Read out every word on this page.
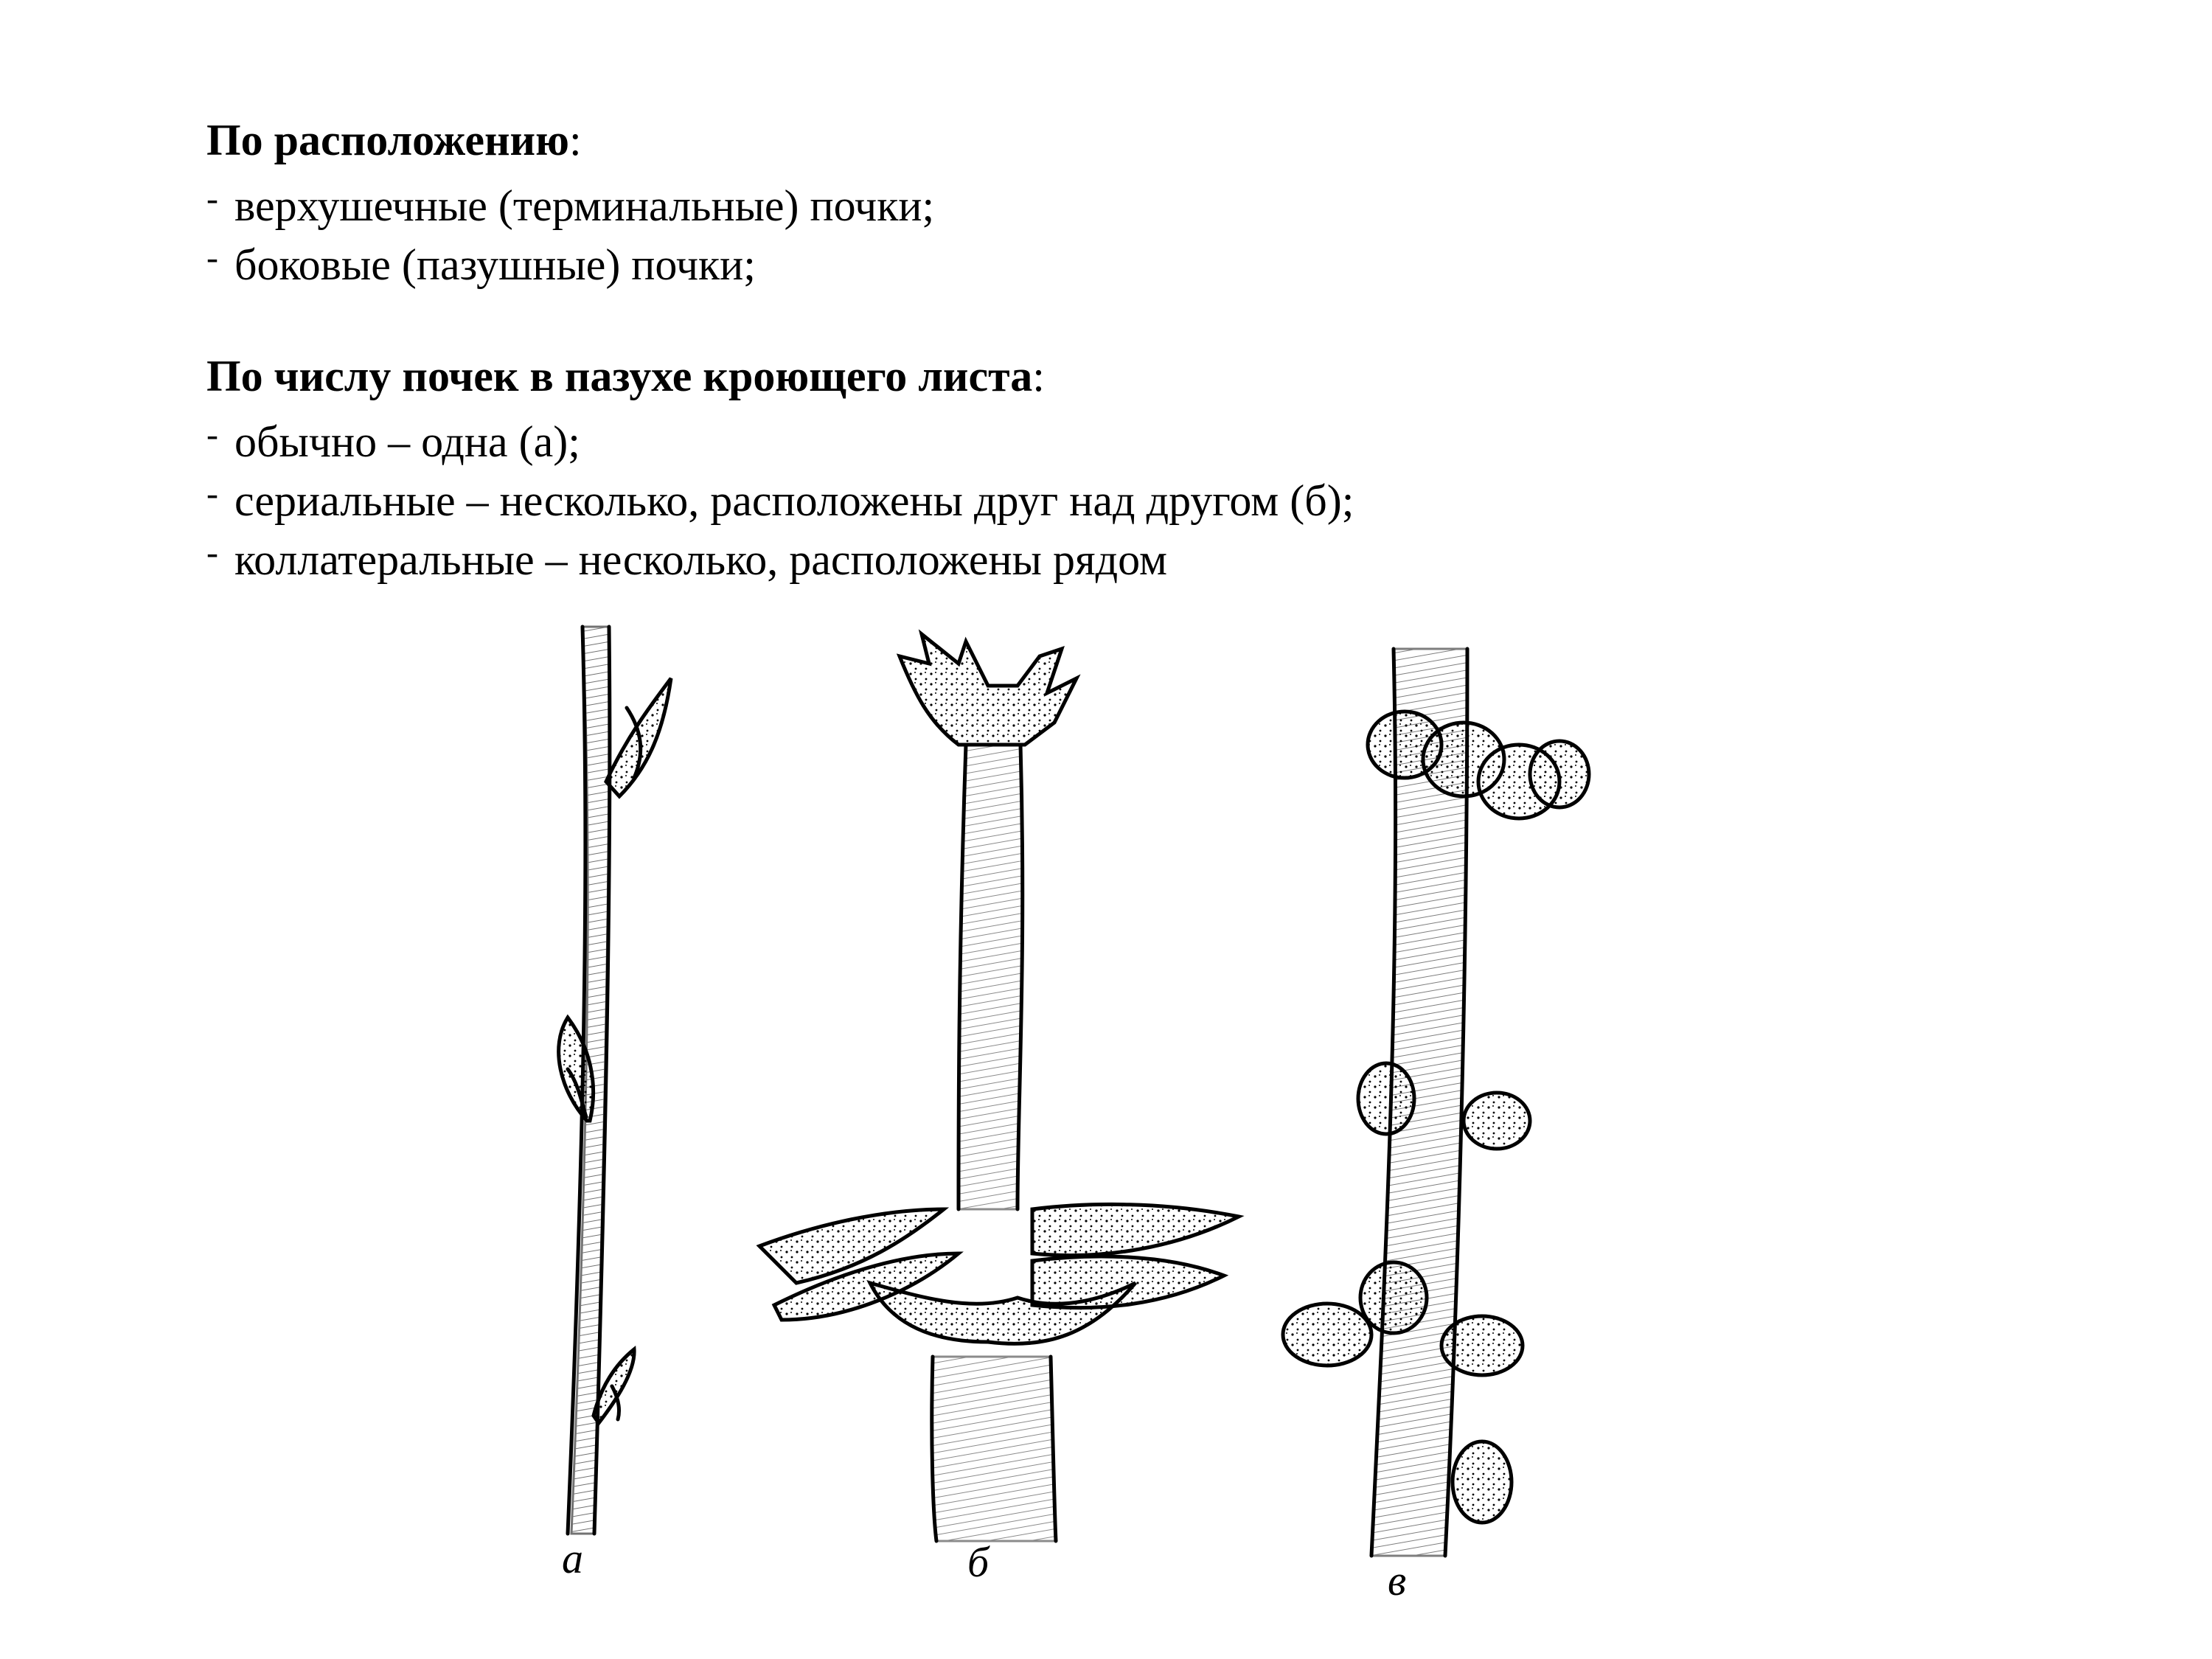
По расположению:
- верхушечные (терминальные) почки;
- боковые (пазушные) почки;
По числу почек в пазухе кроющего листа:
- обычно – одна (а);
- сериальные – несколько, расположены друг над другом (б);
- коллатеральные – несколько, расположены рядом
а	б	в
